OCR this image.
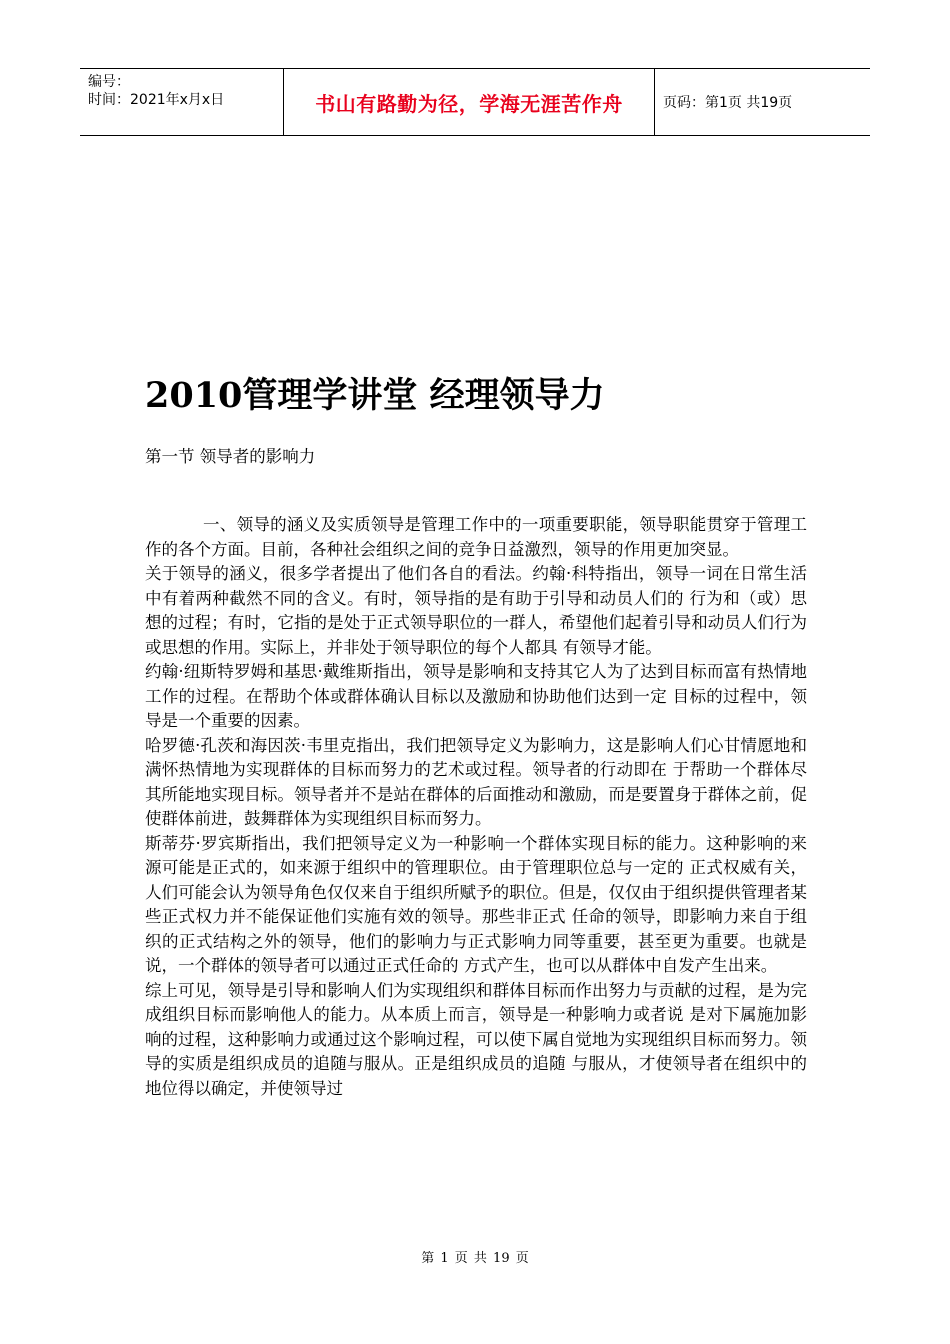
编号：
时间：2021年x月x日	书山有路勤为径，学海无涯苦作舟	页码：第1页 共19页
2010管理学讲堂 经理领导力
第一节 领导者的影响力

一、领导的涵义及实质领导是管理工作中的一项重要职能，领导职能贯穿于管理工作的各个方面。目前，各种社会组织之间的竞争日益激烈，领导的作用更加突显。

关于领导的涵义，很多学者提出了他们各自的看法。约翰·科特指出，领导一词在日常生活中有着两种截然不同的含义。有时，领导指的是有助于引导和动员人们的 行为和（或）思想的过程；有时，它指的是处于正式领导职位的一群人，希望他们起着引导和动员人们行为或思想的作用。实际上，并非处于领导职位的每个人都具 有领导才能。

约翰·纽斯特罗姆和基思·戴维斯指出，领导是影响和支持其它人为了达到目标而富有热情地工作的过程。在帮助个体或群体确认目标以及激励和协助他们达到一定 目标的过程中，领导是一个重要的因素。

哈罗德·孔茨和海因茨·韦里克指出，我们把领导定义为影响力，这是影响人们心甘情愿地和满怀热情地为实现群体的目标而努力的艺术或过程。领导者的行动即在 于帮助一个群体尽其所能地实现目标。领导者并不是站在群体的后面推动和激励，而是要置身于群体之前，促使群体前进，鼓舞群体为实现组织目标而努力。

斯蒂芬·罗宾斯指出，我们把领导定义为一种影响一个群体实现目标的能力。这种影响的来源可能是正式的，如来源于组织中的管理职位。由于管理职位总与一定的 正式权威有关，人们可能会认为领导角色仅仅来自于组织所赋予的职位。但是，仅仅由于组织提供管理者某些正式权力并不能保证他们实施有效的领导。那些非正式 任命的领导，即影响力来自于组织的正式结构之外的领导，他们的影响力与正式影响力同等重要，甚至更为重要。也就是说，一个群体的领导者可以通过正式任命的 方式产生，也可以从群体中自发产生出来。

综上可见，领导是引导和影响人们为实现组织和群体目标而作出努力与贡献的过程，是为完成组织目标而影响他人的能力。从本质上而言，领导是一种影响力或者说 是对下属施加影响的过程，这种影响力或通过这个影响过程，可以使下属自觉地为实现组织目标而努力。领导的实质是组织成员的追随与服从。正是组织成员的追随 与服从，才使领导者在组织中的地位得以确定，并使领导过

第 1 页 共 19 页
